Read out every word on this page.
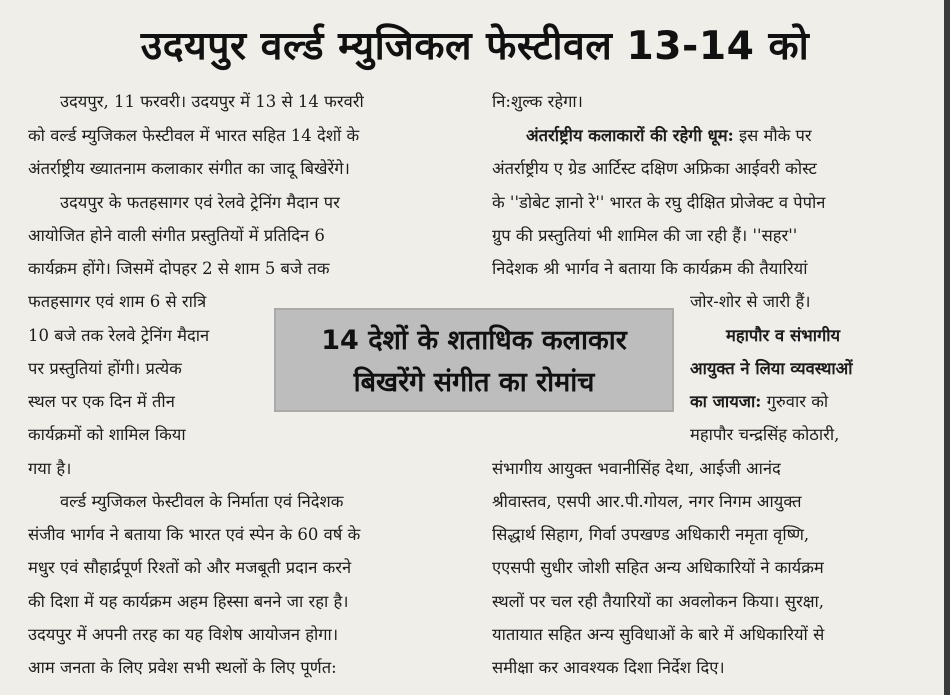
उदयपुर वर्ल्ड म्युजिकल फेस्टीवल 13-14 को
उदयपुर, 11 फरवरी। उदयपुर में 13 से 14 फरवरी
को वर्ल्ड म्युजिकल फेस्टीवल में भारत सहित 14 देशों के
अंतर्राष्ट्रीय ख्यातनाम कलाकार संगीत का जादू बिखेरेंगे।
उदयपुर के फतहसागर एवं रेलवे ट्रेनिंग मैदान पर
आयोजित होने वाली संगीत प्रस्तुतियों में प्रतिदिन 6
कार्यक्रम होंगे। जिसमें दोपहर 2 से शाम 5 बजे तक
फतहसागर एवं शाम 6 से रात्रि
10 बजे तक रेलवे ट्रेनिंग मैदान
पर प्रस्तुतियां होंगी। प्रत्येक
स्थल पर एक दिन में तीन
कार्यक्रमों को शामिल किया
गया है।
वर्ल्ड म्युजिकल फेस्टीवल के निर्माता एवं निदेशक
संजीव भार्गव ने बताया कि भारत एवं स्पेन के 60 वर्ष के
मधुर एवं सौहार्द्रपूर्ण रिश्तों को और मजबूती प्रदान करने
की दिशा में यह कार्यक्रम अहम हिस्सा बनने जा रहा है।
उदयपुर में अपनी तरह का यह विशेष आयोजन होगा।
आम जनता के लिए प्रवेश सभी स्थलों के लिए पूर्णत:
14 देशों के शताधिक कलाकार
बिखरेंगे संगीत का रोमांच
नि:शुल्क रहेगा।
अंतर्राष्ट्रीय कलाकारों की रहेगी धूम: इस मौके पर
अंतर्राष्ट्रीय ए ग्रेड आर्टिस्ट दक्षिण अफ्रिका आईवरी कोस्ट
के ''डोबेट ज्ञानो रे'' भारत के रघु दीक्षित प्रोजेक्ट व पेपोन
ग्रुप की प्रस्तुतियां भी शामिल की जा रही हैं। ''सहर''
निदेशक श्री भार्गव ने बताया कि कार्यक्रम की तैयारियां
जोर-शोर से जारी हैं।
महापौर व संभागीय
आयुक्त ने लिया व्यवस्थाओं
का जायजा: गुरुवार को
महापौर चन्द्रसिंह कोठारी,
संभागीय आयुक्त भवानीसिंह देथा, आईजी आनंद
श्रीवास्तव, एसपी आर.पी.गोयल, नगर निगम आयुक्त
सिद्धार्थ सिहाग, गिर्वा उपखण्ड अधिकारी नमृता वृष्णि,
एएसपी सुधीर जोशी सहित अन्य अधिकारियों ने कार्यक्रम
स्थलों पर चल रही तैयारियों का अवलोकन किया। सुरक्षा,
यातायात सहित अन्य सुविधाओं के बारे में अधिकारियों से
समीक्षा कर आवश्यक दिशा निर्देश दिए।
